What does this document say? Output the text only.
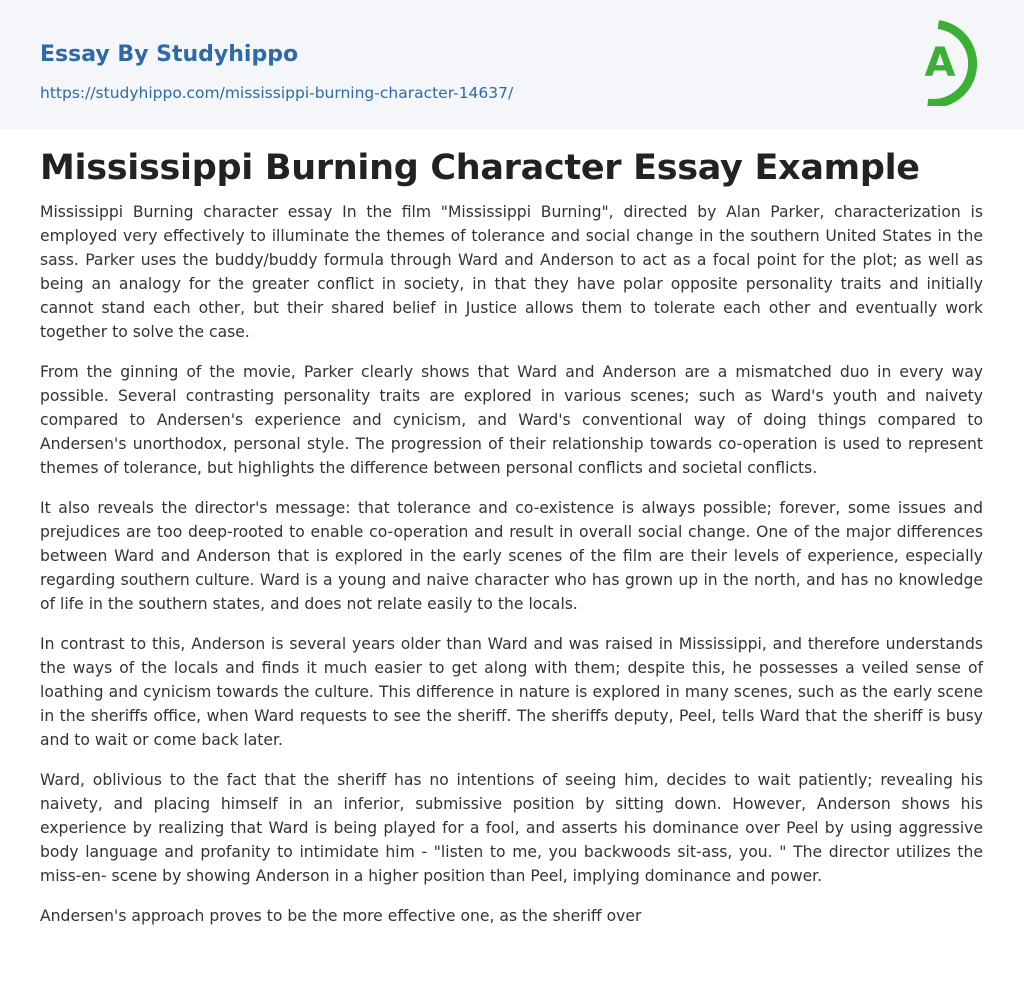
Essay By Studyhippo
https://studyhippo.com/mississippi-burning-character-14637/
A
Mississippi Burning Character Essay Example

Mississippi Burning character essay In the film "Mississippi Burning", directed by Alan Parker, characterization is employed very effectively to illuminate the themes of tolerance and social change in the southern United States in the sass. Parker uses the buddy/buddy formula through Ward and Anderson to act as a focal point for the plot; as well as being an analogy for the greater conflict in society, in that they have polar opposite personality traits and initially cannot stand each other, but their shared belief in Justice allows them to tolerate each other and eventually work together to solve the case.

From the ginning of the movie, Parker clearly shows that Ward and Anderson are a mismatched duo in every way possible. Several contrasting personality traits are explored in various scenes; such as Ward's youth and naivety compared to Andersen's experience and cynicism, and Ward's conventional way of doing things compared to Andersen's unorthodox, personal style. The progression of their relationship towards co-operation is used to represent themes of tolerance, but highlights the difference between personal conflicts and societal conflicts.

It also reveals the director's message: that tolerance and co-existence is always possible; forever, some issues and prejudices are too deep-rooted to enable co-operation and result in overall social change. One of the major differences between Ward and Anderson that is explored in the early scenes of the film are their levels of experience, especially regarding southern culture. Ward is a young and naive character who has grown up in the north, and has no knowledge of life in the southern states, and does not relate easily to the locals.

In contrast to this, Anderson is several years older than Ward and was raised in Mississippi, and therefore understands the ways of the locals and finds it much easier to get along with them; despite this, he possesses a veiled sense of loathing and cynicism towards the culture. This difference in nature is explored in many scenes, such as the early scene in the sheriffs office, when Ward requests to see the sheriff. The sheriffs deputy, Peel, tells Ward that the sheriff is busy and to wait or come back later.

Ward, oblivious to the fact that the sheriff has no intentions of seeing him, decides to wait patiently; revealing his naivety, and placing himself in an inferior, submissive position by sitting down. However, Anderson shows his experience by realizing that Ward is being played for a fool, and asserts his dominance over Peel by using aggressive body language and profanity to intimidate him - "listen to me, you backwoods sit-ass, you. " The director utilizes the miss-en- scene by showing Anderson in a higher position than Peel, implying dominance and power.

Andersen's approach proves to be the more effective one, as the sheriff over
